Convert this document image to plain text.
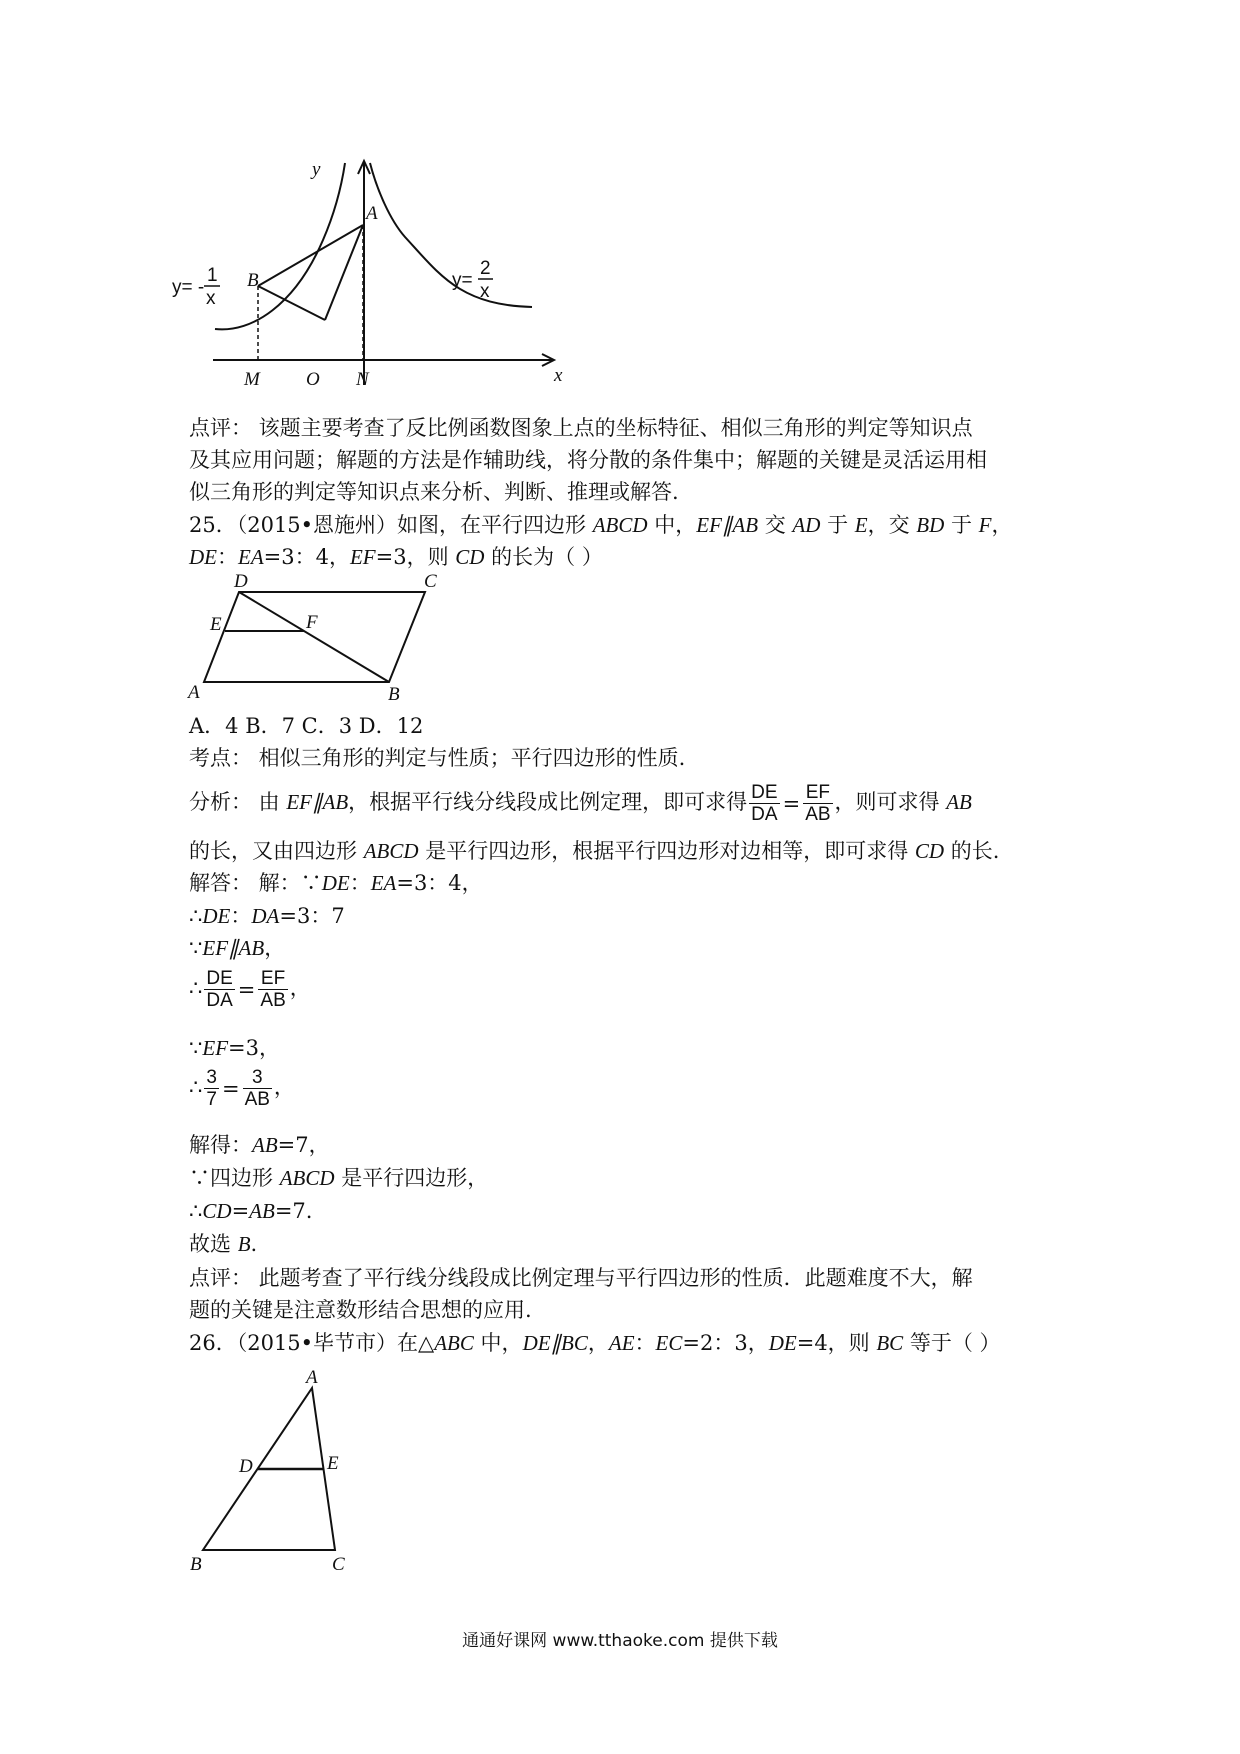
y
x
A
B
M O N
y= -
1
x
y=
2
x
点评： 该题主要考查了反比例函数图象上点的坐标特征、相似三角形的判定等知识点
及其应用问题；解题的方法是作辅助线，将分散的条件集中；解题的关键是灵活运用相
似三角形的判定等知识点来分析、判断、推理或解答.
25．（2015•恩施州）如图，在平行四边形 ABCD 中，EF∥AB 交 AD 于 E，交 BD 于 F，
DE：EA=3：4，EF=3，则 CD 的长为（ ）
D	C
E	F
A	B
A．4 B．7 C．3 D．12
考点： 相似三角形的判定与性质；平行四边形的性质.
分析： 由 EF∥AB，根据平行线分线段成比例定理，即可求得 $\frac{DE}{DA} = \frac{EF}{AB}$ ，则可求得 AB
的长，又由四边形 ABCD 是平行四边形，根据平行四边形对边相等，即可求得 CD 的长.
解答： 解：∵DE：EA=3：4，
∴DE：DA=3：7
∵EF∥AB，
∴ $\frac{DE}{DA} = \frac{EF}{AB}$ ，
∵EF=3，
∴ $\frac{3}{7} = \frac{3}{AB}$ ，
解得：AB=7，
∵四边形 ABCD 是平行四边形，
∴CD=AB=7.
故选 B.
点评： 此题考查了平行线分线段成比例定理与平行四边形的性质．此题难度不大，解
题的关键是注意数形结合思想的应用.
26．（2015•毕节市）在△ABC 中，DE∥BC，AE：EC=2：3，DE=4，则 BC 等于（ ）
A
D	E
B	C
通通好课网 www.tthaoke.com 提供下载
